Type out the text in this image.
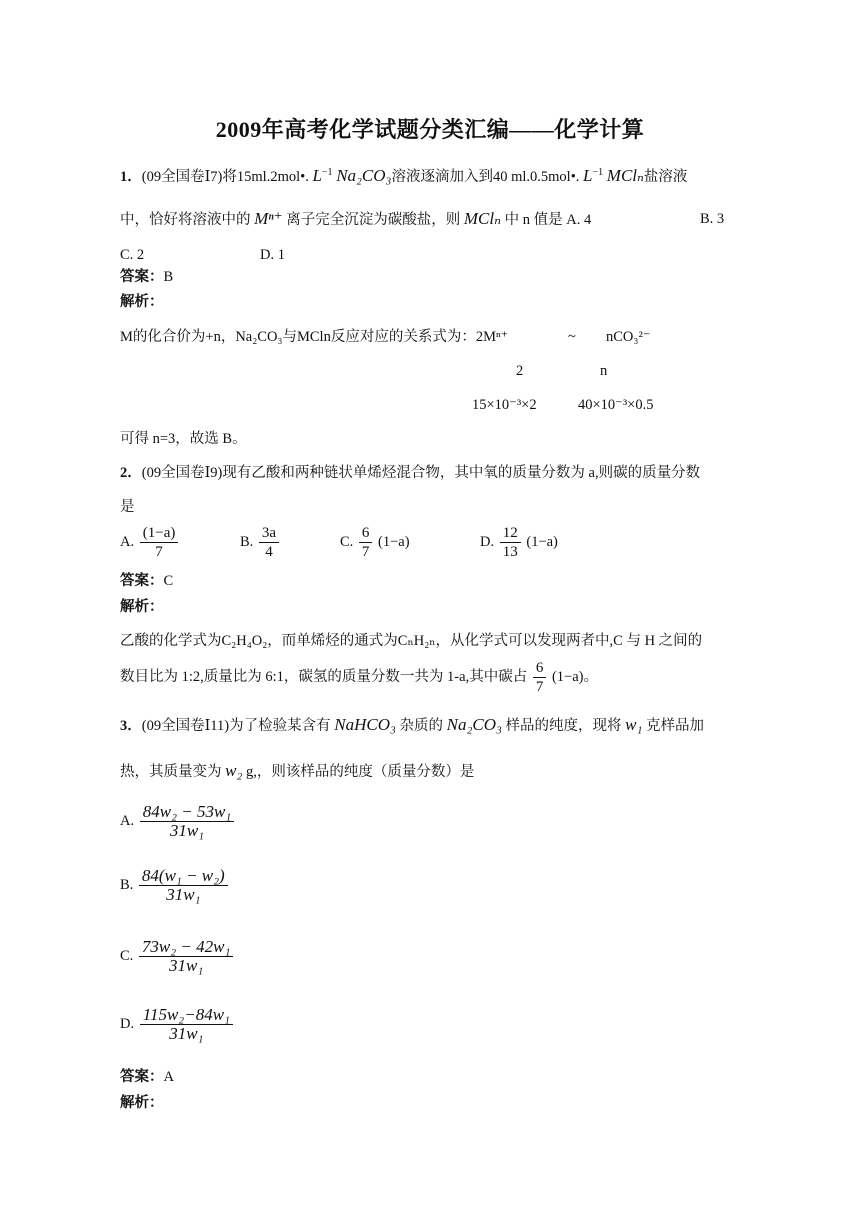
2009年高考化学试题分类汇编——化学计算
1．(09全国卷Ⅰ7)将15ml.2mol•. $L^{-1}$ Na₂CO₃溶液逐滴加入到40 ml.0.5mol•. $L^{-1}$ MClₙ盐溶液
中，恰好将溶液中的 Mⁿ⁺ 离子完全沉淀为碳酸盐，则 MClₙ 中 n 值是 A. 4	B. 3
C. 2	D. 1
答案：B
解析：
M的化合价为+n，Na₂CO₃与MCln反应对应的关系式为：2Mⁿ⁺	~ nCO₃²⁻
2	n
15×10⁻³×2	40×10⁻³×0.5
可得 n=3，故选 B。
2．(09全国卷Ⅰ9)现有乙酸和两种链状单烯烃混合物，其中氧的质量分数为 a,则碳的质量分数
是
A. $\frac{(1-a)}{7}$	B. $\frac{3a}{4}$	C. $\frac{6}{7} (1-a)$	D. $\frac{12}{13} (1-a)$
答案：C
解析：
乙酸的化学式为C₂H₄O₂，而单烯烃的通式为CₙH₂ₙ，从化学式可以发现两者中,C 与 H 之间的
数目比为 1:2,质量比为 6:1，碳氢的质量分数一共为 1-a,其中碳占 $\frac{6}{7} (1-a)$。
3．(09全国卷Ⅰ11)为了检验某含有 NaHCO₃ 杂质的 Na₂CO₃ 样品的纯度，现将 w₁ 克样品加
热，其质量变为 w₂ g,，则该样品的纯度（质量分数）是
A. $\frac{\text{84w₂ − 53w₁}}{\text{31w₁}}$
B. $\frac{\text{84(w₁ − w₂)}}{\text{31w₁}}$
C. $\frac{\text{73w₂ − 42w₁}}{\text{31w₁}}$
D. $\frac{\text{115w₂−84w₁}}{\text{31w₁}}$
答案：A
解析：
